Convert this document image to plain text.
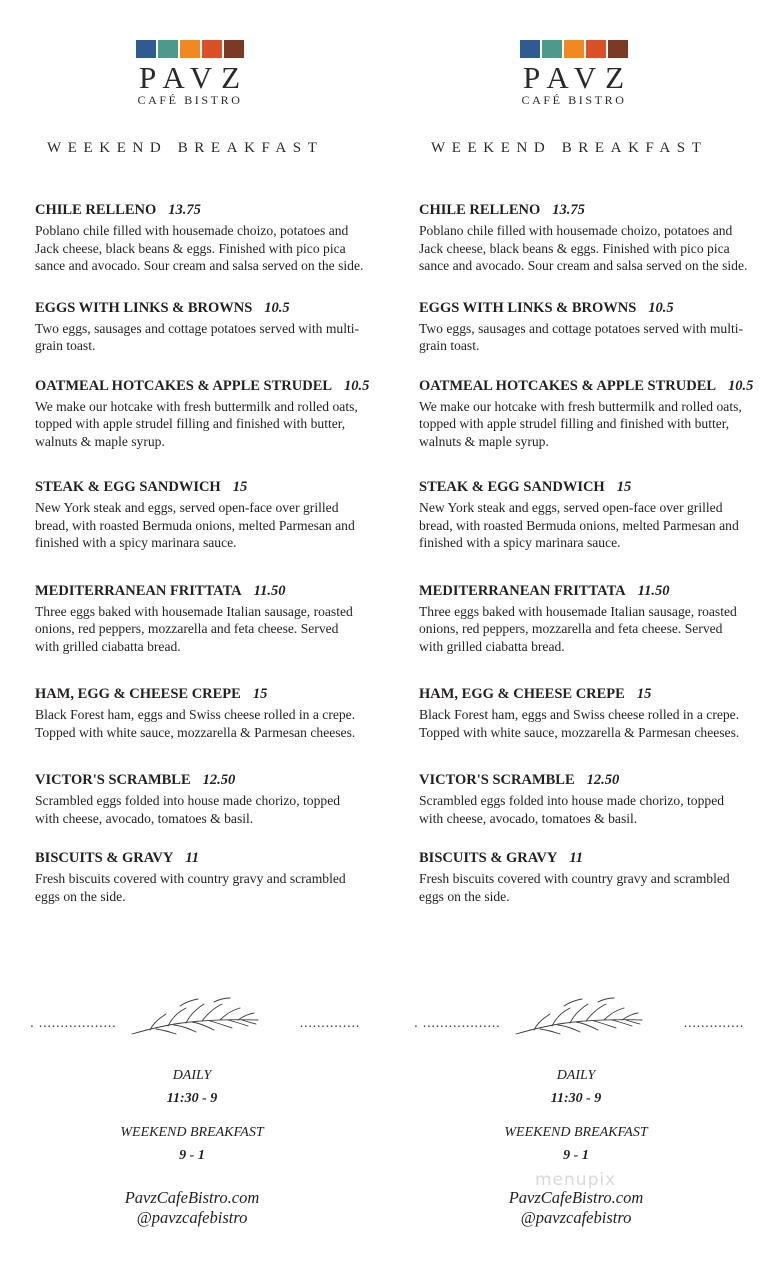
PAVZ
CAFÉ BISTRO
WEEKEND BREAKFAST
CHILE RELLENO 13.75
Poblano chile filled with housemade choizo, potatoes and Jack cheese, black beans & eggs. Finished with pico pica sance and avocado. Sour cream and salsa served on the side.
EGGS WITH LINKS & BROWNS 10.5
Two eggs, sausages and cottage potatoes served with multi-grain toast.
OATMEAL HOTCAKES & APPLE STRUDEL 10.5
We make our hotcake with fresh buttermilk and rolled oats, topped with apple strudel filling and finished with butter, walnuts & maple syrup.
STEAK & EGG SANDWICH 15
New York steak and eggs, served open-face over grilled bread, with roasted Bermuda onions, melted Parmesan and finished with a spicy marinara sauce.
MEDITERRANEAN FRITTATA 11.50
Three eggs baked with housemade Italian sausage, roasted onions, red peppers, mozzarella and feta cheese. Served with grilled ciabatta bread.
HAM, EGG & CHEESE CREPE 15
Black Forest ham, eggs and Swiss cheese rolled in a crepe. Topped with white sauce, mozzarella & Parmesan cheeses.
VICTOR'S SCRAMBLE 12.50
Scrambled eggs folded into house made chorizo, topped with cheese, avocado, tomatoes & basil.
BISCUITS & GRAVY 11
Fresh biscuits covered with country gravy and scrambled eggs on the side.
. ..................	..............
DAILY
11:30 - 9
WEEKEND BREAKFAST
9 - 1
PavzCafeBistro.com
@pavzcafebistro
PAVZ
CAFÉ BISTRO
WEEKEND BREAKFAST
CHILE RELLENO 13.75
Poblano chile filled with housemade choizo, potatoes and Jack cheese, black beans & eggs. Finished with pico pica sance and avocado. Sour cream and salsa served on the side.
EGGS WITH LINKS & BROWNS 10.5
Two eggs, sausages and cottage potatoes served with multi-grain toast.
OATMEAL HOTCAKES & APPLE STRUDEL 10.5
We make our hotcake with fresh buttermilk and rolled oats, topped with apple strudel filling and finished with butter, walnuts & maple syrup.
STEAK & EGG SANDWICH 15
New York steak and eggs, served open-face over grilled bread, with roasted Bermuda onions, melted Parmesan and finished with a spicy marinara sauce.
MEDITERRANEAN FRITTATA 11.50
Three eggs baked with housemade Italian sausage, roasted onions, red peppers, mozzarella and feta cheese. Served with grilled ciabatta bread.
HAM, EGG & CHEESE CREPE 15
Black Forest ham, eggs and Swiss cheese rolled in a crepe. Topped with white sauce, mozzarella & Parmesan cheeses.
VICTOR'S SCRAMBLE 12.50
Scrambled eggs folded into house made chorizo, topped with cheese, avocado, tomatoes & basil.
BISCUITS & GRAVY 11
Fresh biscuits covered with country gravy and scrambled eggs on the side.
. ..................	..............
DAILY
11:30 - 9
WEEKEND BREAKFAST
9 - 1
PavzCafeBistro.com
@pavzcafebistro
menupix
